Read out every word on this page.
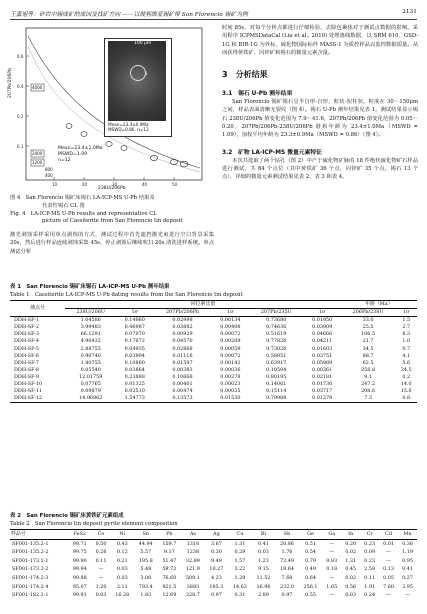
王嘉旭等：矽岩中锡成矿的成因及找矿方向 ——以玻利维亚锡矿带 San Florencio 锡矿为例	2131
0.6
0.4
0.2
0.1
10	20	30	40	50
4000
2400
1200
800
400
207Pb/206Pb
238U/206Pb
Mean=23.4±1.0Ma
MSWD=1.09
n=12
100 μm
1
Mean=23.3±0.9Ma
MSWD=0.86, n=12
图 4　San Florencio 锡矿床锡石 LA-ICP-MS U-Pb 结果及
代表性锡石 CL 图
Fig. 4　LA-ICP-MS U-Pb results and representative CL
picture of Cassiterite from San Florencio tin deposit
激光剥蚀采样采用单点剥蚀的方式，测试过程中首先遮挡激光束进行空白背景采集 20s，然后进行样品连续剥蚀采集 45s，停止剥蚀后继续吹扫 20s 清洗进样系统。单点测试分析
时间 85s，对每个分析点都进行仔细检验，去除包裹体对于测试点数据的影响。采用程序 ICPMSDataCal (Liu et al., 2010) 处理离线数据，以 SRM 610、GSD-1G 和 BIR-1G 为外标，硫化物国际标样 MASS-1 为质控样品以监控数据质量。从而获得黄铁矿、闪锌矿和锡石的微量元素含量。
3　分析结果
3.1　锡石 U-Pb 测年结果
San Florencio 锡矿锡石呈半自形-自形，粒状-短柱状，粒度在 30～150μm 之间，样品表面清晰无裂纹（图 4）。锡石 U-Pb 测年结果见表 1。测试结果显示锡石 238U/206Pb 值变化范围为 7.9～41.6，207Pb/206Pb 值变化范围为 0.05～0.20，207Pb/206Pb-238U/206Pb 谐和年龄为 23.4±1.0Ma（MSWD = 1.09），加权平均年龄为 23.3±0.9Ma（MSWD = 0.86）（图 4）。
3.2　矿物 LA-ICP-MS 微量元素特征
本次共选取了两个钻孔（图 2）中产于硫化物矿脉的 18 件绝状硫化物矿石样品进行测试，共 84 个点位（其中黄铁矿 36 个点，闪锌矿 35 个点，锡石 13 个点），详细的微量元素测试结果见表 2、表 3 和表 4。
表 1　San Florencio 锡矿床锡石 LA-ICP-MS U-Pb 测年结果
Table 1　Cassiterite LA-ICP-MS U-Pb dating results from the San Florencio tin deposit
测点号	同位素比值						年龄（Ma）	
	238U/206U	1σ	207Pb/206Pb	1σ	207Pb/235U	1σ	206Pb/238U	1σ
DDH-SF-1	1.04586	0.14960	0.02998	0.00134	0.73680	0.01950	33.0	1.5
DDH-SF-2	3.99483	0.46987	0.03882	0.00408	0.74636	0.03909	25.5	2.7
DDH-SF-3	66.1291	0.07070	0.00929	0.00072	0.51619	0.04666	106.5	8.3
DDH-SF-4	4.90432	0.17672	0.04570	0.00209	0.77826	0.04211	21.7	1.0
DDH-SF-5	2.88755	0.04935	0.02868	0.00059	0.73026	0.01603	34.5	0.7
DDH-SF-6	0.90740	0.03994	0.01116	0.00072	0.58951	0.03751	88.7	4.1
DDH-SF-7	1.40755	0.10860	0.01597	0.00142	0.63917	0.05989	62.5	5.6
DDH-SF-8	0.05540	0.03864	0.00383	0.00036	0.10504	0.00361	258.8	24.5
DDH-SF-9	12.01759	0.23888	0.10668	0.00278	0.80195	0.02181	9.1	0.2
DDH-SF-10	0.07765	0.01325	0.00401	0.00023	0.14061	0.01736	247.2	14.0
DDH-SF-11	0.09879	0.02510	0.00474	0.00035	0.15114	0.03717	208.6	15.6
DDH-SF-12	14.96962	1.54773	0.13573	0.01530	0.79988	0.01278	7.3	0.8
表 2　San Florencio 锡矿床黄铁矿元素组成
Table 2　San Florencio tin deposit pyrite element composition
样品号	FeS2	Co	Ni	Sn	Pb	As	Ag	Cu	Bi	Sb	Ge	Ga	In	Cr	Cd	Mn
SF001-135.2-1	99.71	0.50	0.43	44.94	159.7	1318	3.67	1.31	0.41	20.86	0.51	—	0.20	0.23	0.01	0.36
SF001-135.2-2	99.75	0.26	0.12	5.57	9.17	1238	0.30	0.29	0.03	1.76	0.54	—	0.02	0.09	—	1.19
SF001-173.2-1	99.90	0.11	0.21	195.8	51.47	32.89	9.49	1.57	1.23	72.49	0.79	0.83	1.31	0.23	—	0.95
SF001-173.2-2	99.94	—	0.03	5.48	59.72	121.9	10.27	3.22	9.15	18.64	0.49	0.18	0.45	2.59	0.13	0.41
SF001-174.2-3	99.88	—	0.03	3.08	76.60	509.1	4.23	1.29	11.52	7.68	0.64	—	0.02	0.11	0.05	0.27
SF001-174.2-4	95.07	1.20	2.11	793.4	921.5	3893	185.3	14.63	16.96	232.0	256.1	1.65	0.56	1.91	7.60	3.95
SF001-182.2-1	99.91	0.03	16.28	1.83	12.69	328.7	0.97	0.31	2.89	0.97	0.55	—	0.03	0.24	—	—
